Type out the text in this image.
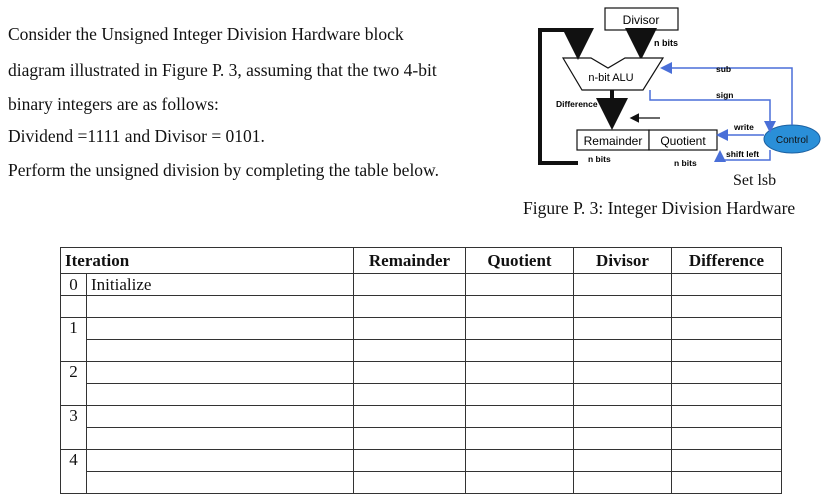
Consider the Unsigned Integer Division Hardware block
diagram illustrated in Figure P. 3, assuming that the two 4-bit
binary integers are as follows:
Dividend =1111 and Divisor = 0101.
Perform the unsigned division by completing the table below.
Divisor
n bits
n-bit ALU
Difference
Remainder Quotient
n bits	n bits
Control
sub
sign
write
shift left
Set lsb
Figure P. 3: Integer Division Hardware
Iteration		Remainder	Quotient	Divisor	Difference
0	Initialize				

1					

2					

3					

4					
